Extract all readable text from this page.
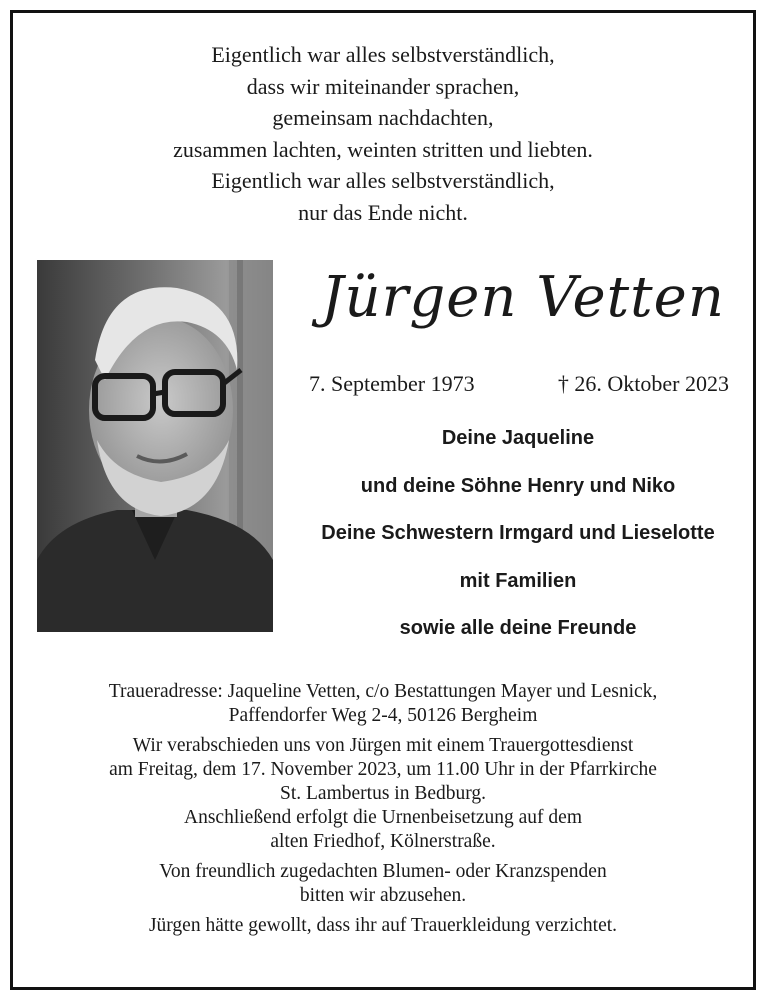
Eigentlich war alles selbstverständlich,
dass wir miteinander sprachen,
gemeinsam nachdachten,
zusammen lachten, weinten stritten und liebten.
Eigentlich war alles selbstverständlich,
nur das Ende nicht.
Jürgen Vetten
7. September 1973	† 26. Oktober 2023
Deine Jaqueline
und deine Söhne Henry und Niko
Deine Schwestern Irmgard und Lieselotte
mit Familien
sowie alle deine Freunde
Traueradresse: Jaqueline Vetten, c/o Bestattungen Mayer und Lesnick,
Paffendorfer Weg 2-4, 50126 Bergheim
Wir verabschieden uns von Jürgen mit einem Trauergottesdienst
am Freitag, dem 17. November 2023, um 11.00 Uhr in der Pfarrkirche
St. Lambertus in Bedburg.
Anschließend erfolgt die Urnenbeisetzung auf dem
alten Friedhof, Kölnerstraße.
Von freundlich zugedachten Blumen- oder Kranzspenden
bitten wir abzusehen.
Jürgen hätte gewollt, dass ihr auf Trauerkleidung verzichtet.
